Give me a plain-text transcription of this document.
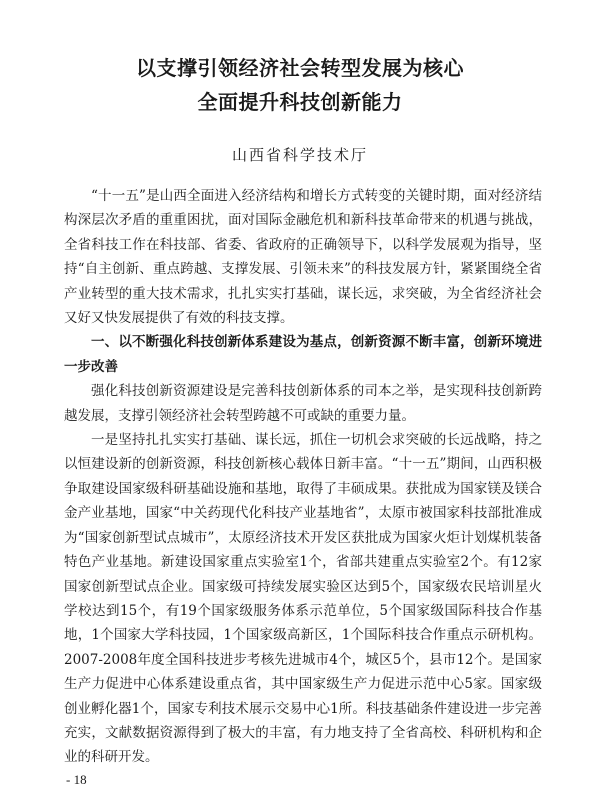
以支撑引领经济社会转型发展为核心
全面提升科技创新能力
山西省科学技术厅

“十一五”是山西全面进入经济结构和增长方式转变的关键时期，面对经济结构深层次矛盾的重重困扰，面对国际金融危机和新科技革命带来的机遇与挑战，全省科技工作在科技部、省委、省政府的正确领导下，以科学发展观为指导，坚持“自主创新、重点跨越、支撑发展、引领未来”的科技发展方针，紧紧围绕全省产业转型的重大技术需求，扎扎实实打基础，谋长远，求突破，为全省经济社会又好又快发展提供了有效的科技支撑。

一、以不断强化科技创新体系建设为基点，创新资源不断丰富，创新环境进一步改善

强化科技创新资源建设是完善科技创新体系的司本之举，是实现科技创新跨越发展，支撑引领经济社会转型跨越不可或缺的重要力量。

一是坚持扎扎实实打基础、谋长远，抓住一切机会求突破的长远战略，持之以恒建设新的创新资源，科技创新核心载体日新丰富。“十一五”期间，山西积极争取建设国家级科研基础设施和基地，取得了丰硕成果。获批成为国家镁及镁合金产业基地，国家“中关药现代化科技产业基地省”，太原市被国家科技部批准成为“国家创新型试点城市”，太原经济技术开发区获批成为国家火炬计划煤机装备特色产业基地。新建设国家重点实验室1个，省部共建重点实验室2个。有12家国家创新型试点企业。国家级可持续发展实验区达到5个，国家级农民培训星火学校达到15个，有19个国家级服务体系示范单位，5个国家级国际科技合作基地，1个国家大学科技园，1个国家级高新区，1个国际科技合作重点示研机构。2007-2008年度全国科技进步考核先进城市4个，城区5个，县市12个。是国家生产力促进中心体系建设重点省，其中国家级生产力促进示范中心5家。国家级创业孵化器1个，国家专利技术展示交易中心1所。科技基础条件建设进一步完善充实，文献数据资源得到了极大的丰富，有力地支持了全省高校、科研机构和企业的科研开发。

- 18
